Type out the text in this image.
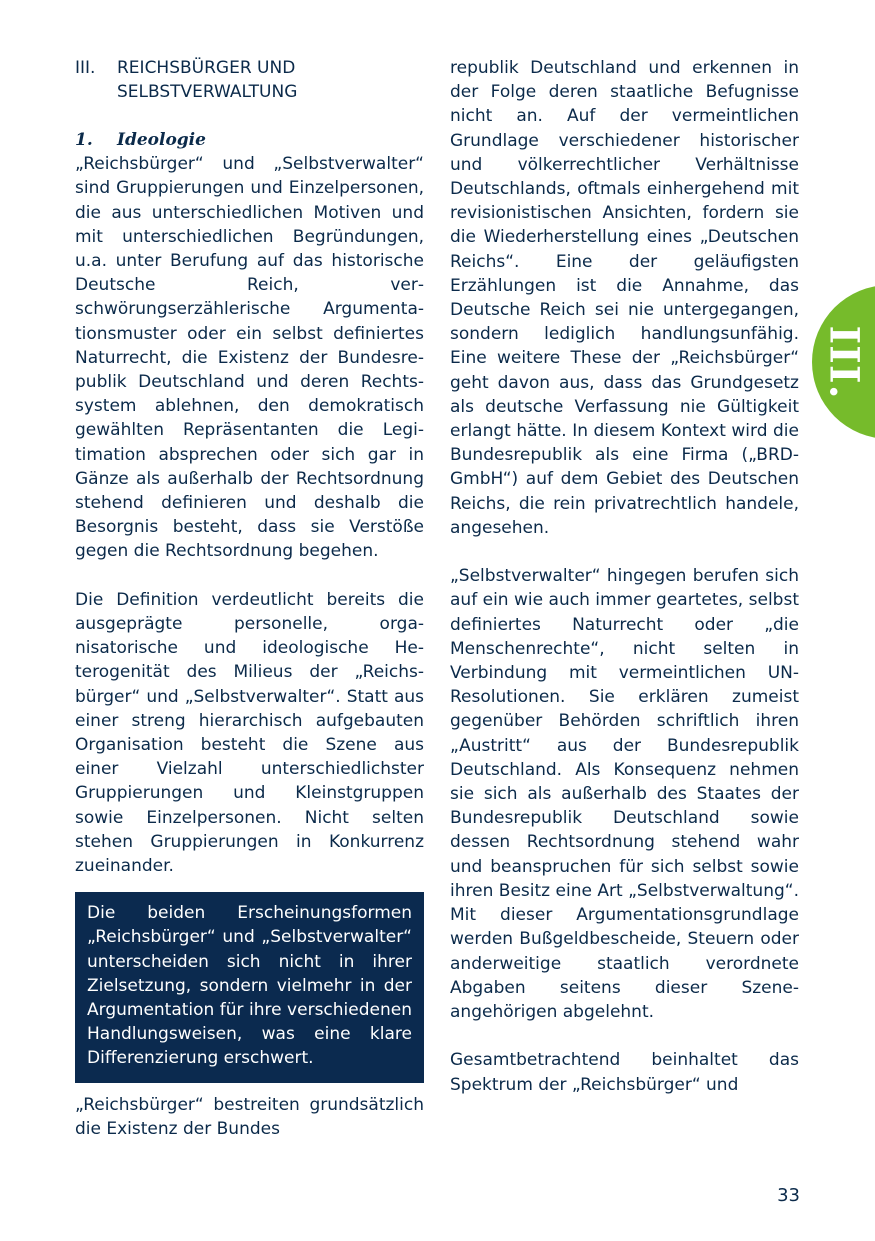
III.
III.	REICHSBÜRGER UND
SELBSTVERWALTUNG
1.	Ideologie

„Reichsbürger“ und „Selbstverwalter“ sind Gruppierungen und Einzelpersonen, die aus unterschiedlichen Motiven und mit unterschiedlichen Begründungen, u.a. unter Berufung auf das historische Deutsche Reich, verschwörungserzählerische Argumentationsmuster oder ein selbst definiertes Naturrecht, die Existenz der Bundesrepublik Deutschland und deren Rechtssystem ablehnen, den demokratisch gewählten Repräsentanten die Legitimation absprechen oder sich gar in Gänze als außerhalb der Rechtsordnung stehend definieren und deshalb die Besorgnis besteht, dass sie Verstöße gegen die Rechtsordnung begehen.

Die Definition verdeutlicht bereits die ausgeprägte personelle, organisatorische und ideologische Heterogenität des Milieus der „Reichsbürger“ und „Selbstverwalter“. Statt aus einer streng hierarchisch aufgebauten Organisation besteht die Szene aus einer Vielzahl unterschiedlichster Gruppierungen und Kleinstgruppen sowie Einzelpersonen. Nicht selten stehen Gruppierungen in Konkurrenz zueinander.

Die beiden Erscheinungsformen „Reichsbürger“ und „Selbstverwalter“ unterscheiden sich nicht in ihrer Zielsetzung, sondern vielmehr in der Argumentation für ihre verschiedenen Handlungsweisen, was eine klare Differenzierung erschwert.

„Reichsbürger“ bestreiten grundsätzlich die Existenz der Bundes

republik Deutschland und erkennen in der Folge deren staatliche Befugnisse nicht an. Auf der vermeintlichen Grundlage verschiedener historischer und völkerrechtlicher Verhältnisse Deutschlands, oftmals einhergehend mit revisionistischen Ansichten, fordern sie die Wiederherstellung eines „Deutschen Reichs“. Eine der geläufigsten Erzählungen ist die Annahme, das Deutsche Reich sei nie untergegangen, sondern lediglich handlungsunfähig. Eine weitere These der „Reichsbürger“ geht davon aus, dass das Grundgesetz als deutsche Verfassung nie Gültigkeit erlangt hätte. In diesem Kontext wird die Bundesrepublik als eine Firma („BRD-GmbH“) auf dem Gebiet des Deutschen Reichs, die rein privatrechtlich handele, angesehen.

„Selbstverwalter“ hingegen berufen sich auf ein wie auch immer geartetes, selbst definiertes Naturrecht oder „die Menschenrechte“, nicht selten in Verbindung mit vermeintlichen UN-Resolutionen. Sie erklären zumeist gegenüber Behörden schriftlich ihren „Austritt“ aus der Bundesrepublik Deutschland. Als Konsequenz nehmen sie sich als außerhalb des Staates der Bundesrepublik Deutschland sowie dessen Rechtsordnung stehend wahr und beanspruchen für sich selbst sowie ihren Besitz eine Art „Selbstverwaltung“. Mit dieser Argumentationsgrundlage werden Bußgeldbescheide, Steuern oder anderweitige staatlich verordnete Abgaben seitens dieser Szeneangehörigen abgelehnt.

Gesamtbetrachtend beinhaltet das Spektrum der „Reichsbürger“ und

33
